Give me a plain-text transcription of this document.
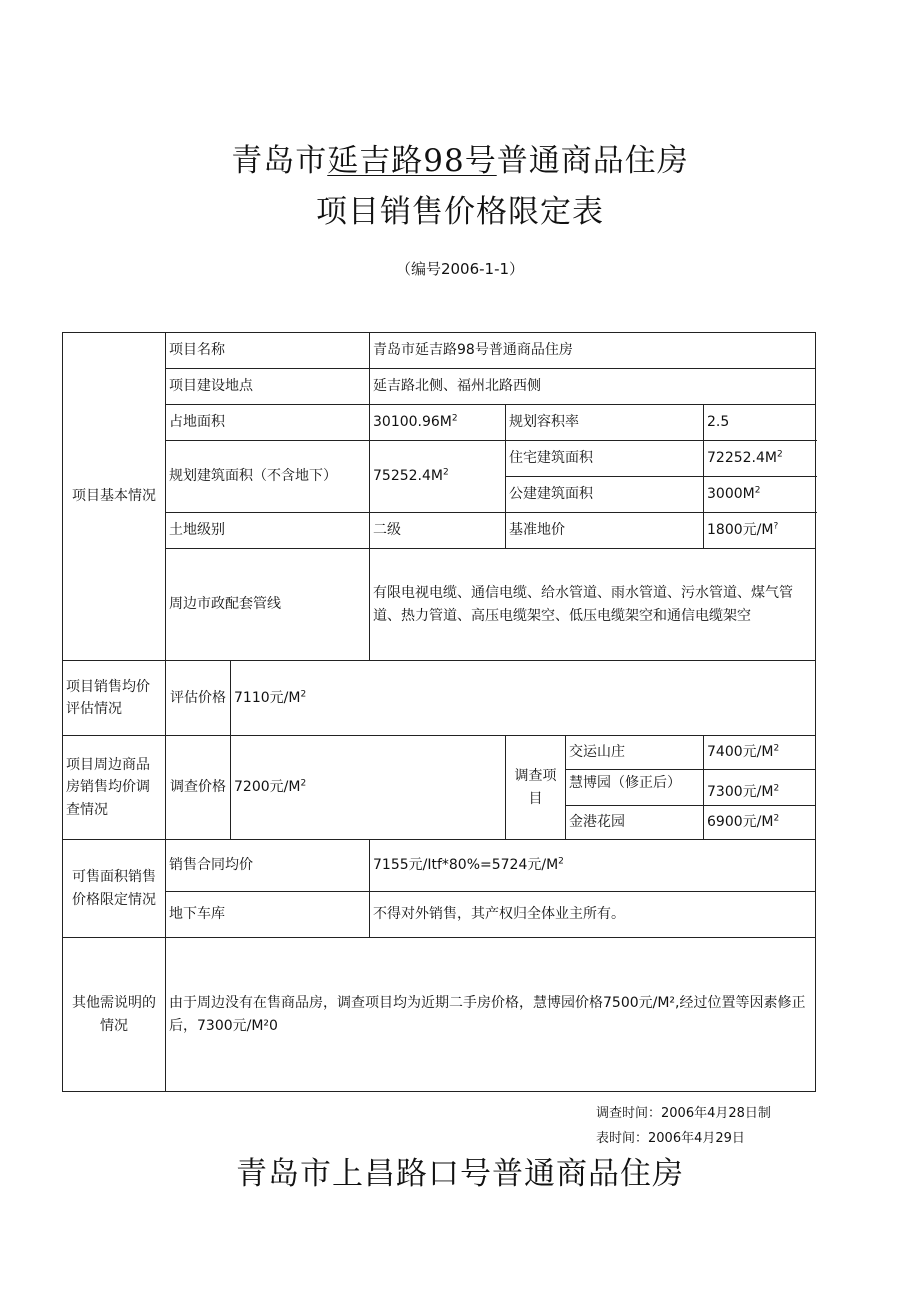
青岛市延吉路98号普通商品住房
项目销售价格限定表
（编号2006-1-1）
项目基本情况	项目名称		青岛市延吉路98号普通商品住房			
	项目建设地点		延吉路北侧、福州北路西侧			
	占地面积		$30100.96M^2$	规划容积率		2.5
	规划建筑面积（不含地下）		$75252.4M^2$	住宅建筑面积		$72252.4M^2$
				公建建筑面积		$3000M^2$
	土地级别		二级	基准地价		1800元/M?
	周边市政配套管线		有限电视电缆、通信电缆、给水管道、雨水管道、污水管道、煤气管道、热力管道、高压电缆架空、低压电缆架空和通信电缆架空			

项目销售均价评估情况	评估价格	7110元$/M^2$
项目周边商品房销售均价调查情况	调查价格	7200元$/M^2$		调查项目	交运山庄	7400元$/M^2$
					慧博园（修正后）	7300元$/M^2$
					金港花园	6900元$/M^2$
可售面积销售价格限定情况	销售合同均价		7155元/Itf*80%=5724元$/M^2$
	地下车库		不得对外销售，其产权归全体业主所有。			
其他需说明的情况	由于周边没有在售商品房，调查项目均为近期二手房价格，慧博园价格7500元/M²,经过位置等因素修正后，7300元/M²0					
调查时间：2006年4月28日制
表时间：2006年4月29日
青岛市上昌路口号普通商品住房
